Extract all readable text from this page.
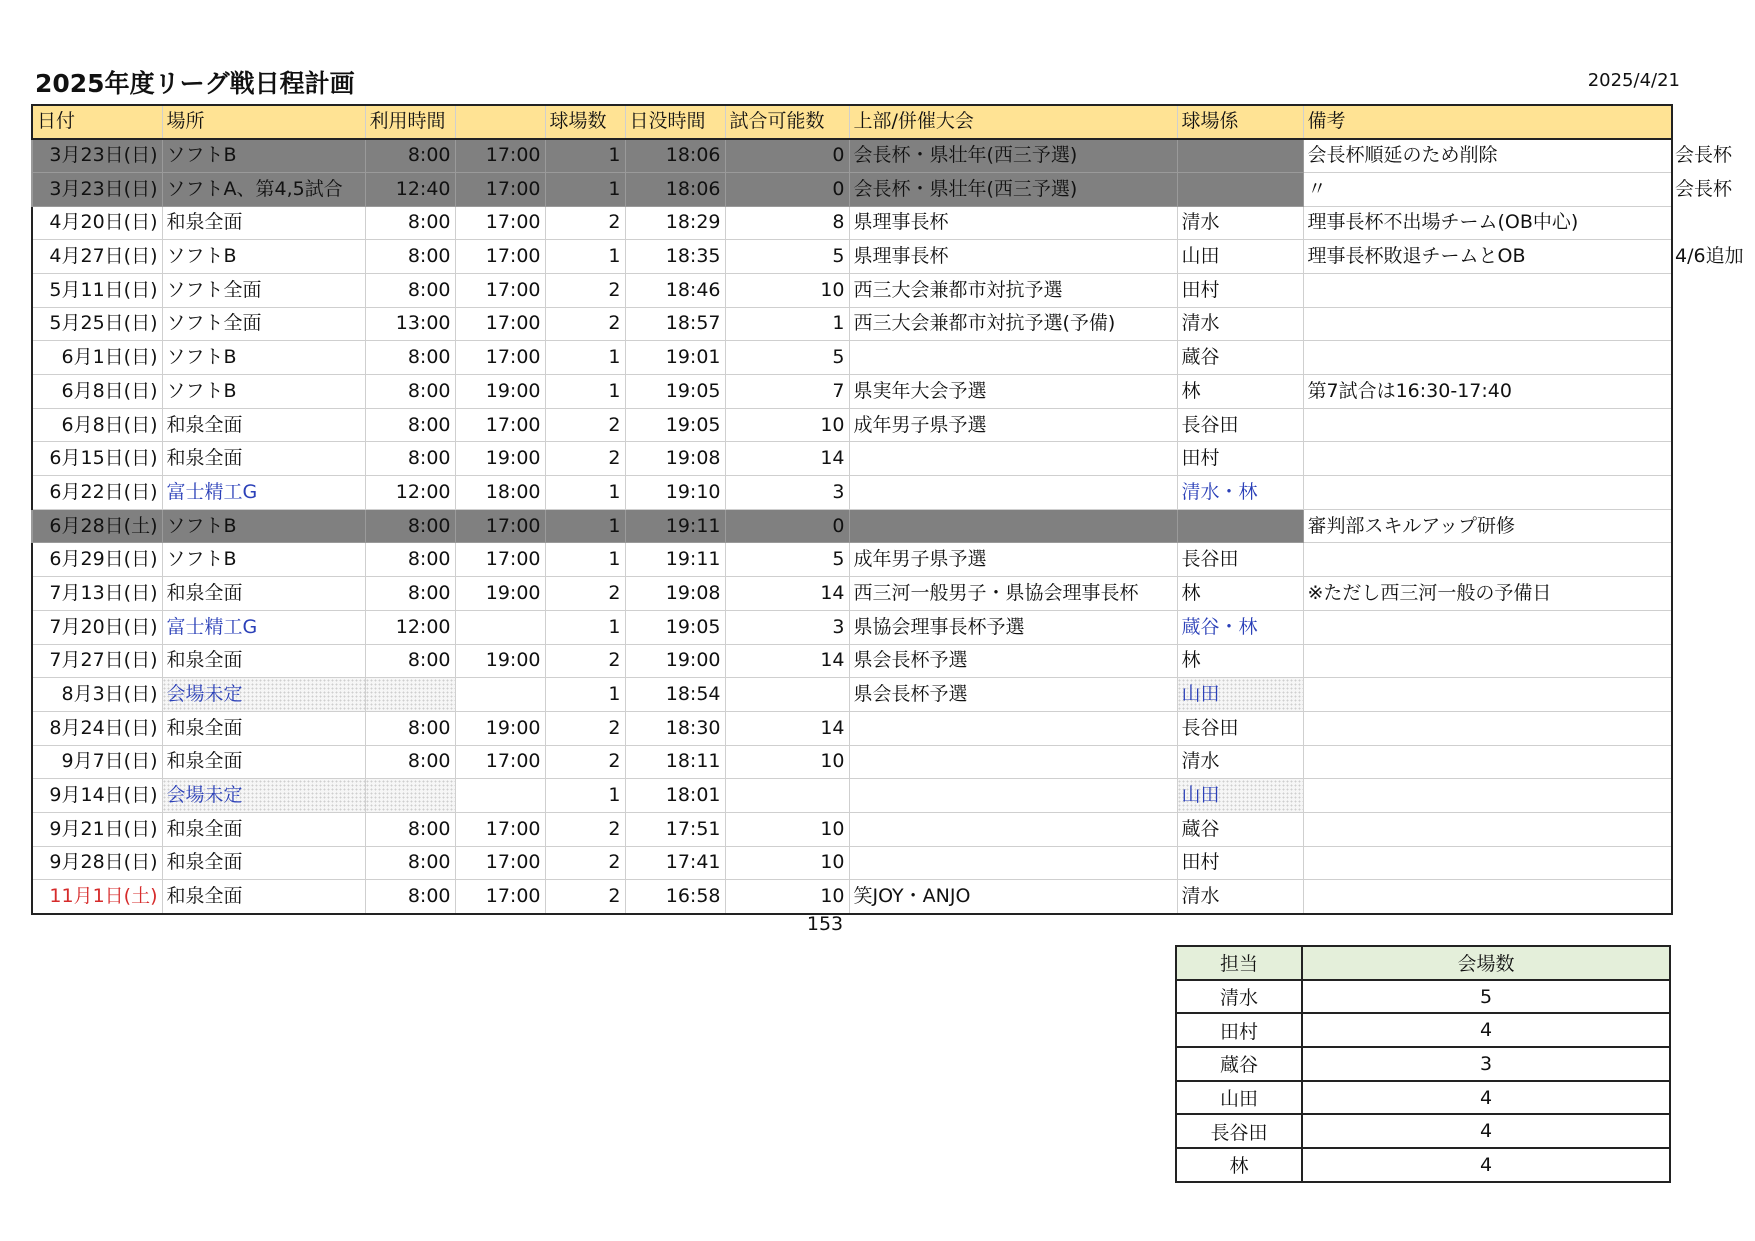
2025年度リーグ戦日程計画	2025/4/21
日付	場所	利用時間		球場数	日没時間	試合可能数	上部/併催大会	球場係	備考
3月23日(日)	ソフトB	8:00	17:00	1	18:06	0	会長杯・県壮年(西三予選)		会長杯順延のため削除
3月23日(日)	ソフトA、第4,5試合	12:40	17:00	1	18:06	0	会長杯・県壮年(西三予選)		〃
4月20日(日)	和泉全面	8:00	17:00	2	18:29	8	県理事長杯	清水	理事長杯不出場チーム(OB中心)
4月27日(日)	ソフトB	8:00	17:00	1	18:35	5	県理事長杯	山田	理事長杯敗退チームとOB
5月11日(日)	ソフト全面	8:00	17:00	2	18:46	10	西三大会兼都市対抗予選	田村	
5月25日(日)	ソフト全面	13:00	17:00	2	18:57	1	西三大会兼都市対抗予選(予備)	清水	
6月1日(日)	ソフトB	8:00	17:00	1	19:01	5		蔵谷	
6月8日(日)	ソフトB	8:00	19:00	1	19:05	7	県実年大会予選	林	第7試合は16:30-17:40
6月8日(日)	和泉全面	8:00	17:00	2	19:05	10	成年男子県予選	長谷田	
6月15日(日)	和泉全面	8:00	19:00	2	19:08	14		田村	
6月22日(日)	富士精工G	12:00	18:00	1	19:10	3		清水・林	
6月28日(土)	ソフトB	8:00	17:00	1	19:11	0			審判部スキルアップ研修
6月29日(日)	ソフトB	8:00	17:00	1	19:11	5	成年男子県予選	長谷田	
7月13日(日)	和泉全面	8:00	19:00	2	19:08	14	西三河一般男子・県協会理事長杯	林	※ただし西三河一般の予備日
7月20日(日)	富士精工G	12:00		1	19:05	3	県協会理事長杯予選	蔵谷・林	
7月27日(日)	和泉全面	8:00	19:00	2	19:00	14	県会長杯予選	林	
8月3日(日)	会場未定			1	18:54		県会長杯予選	山田	
8月24日(日)	和泉全面	8:00	19:00	2	18:30	14		長谷田	
9月7日(日)	和泉全面	8:00	17:00	2	18:11	10		清水	
9月14日(日)	会場未定			1	18:01			山田	
9月21日(日)	和泉全面	8:00	17:00	2	17:51	10		蔵谷	
9月28日(日)	和泉全面	8:00	17:00	2	17:41	10		田村	
11月1日(土)	和泉全面	8:00	17:00	2	16:58	10	笑JOY・ANJO	清水	
会長杯
会長杯
4/6追加
153
担当	会場数
清水	5
田村	4
蔵谷	3
山田	4
長谷田	4
林	4
